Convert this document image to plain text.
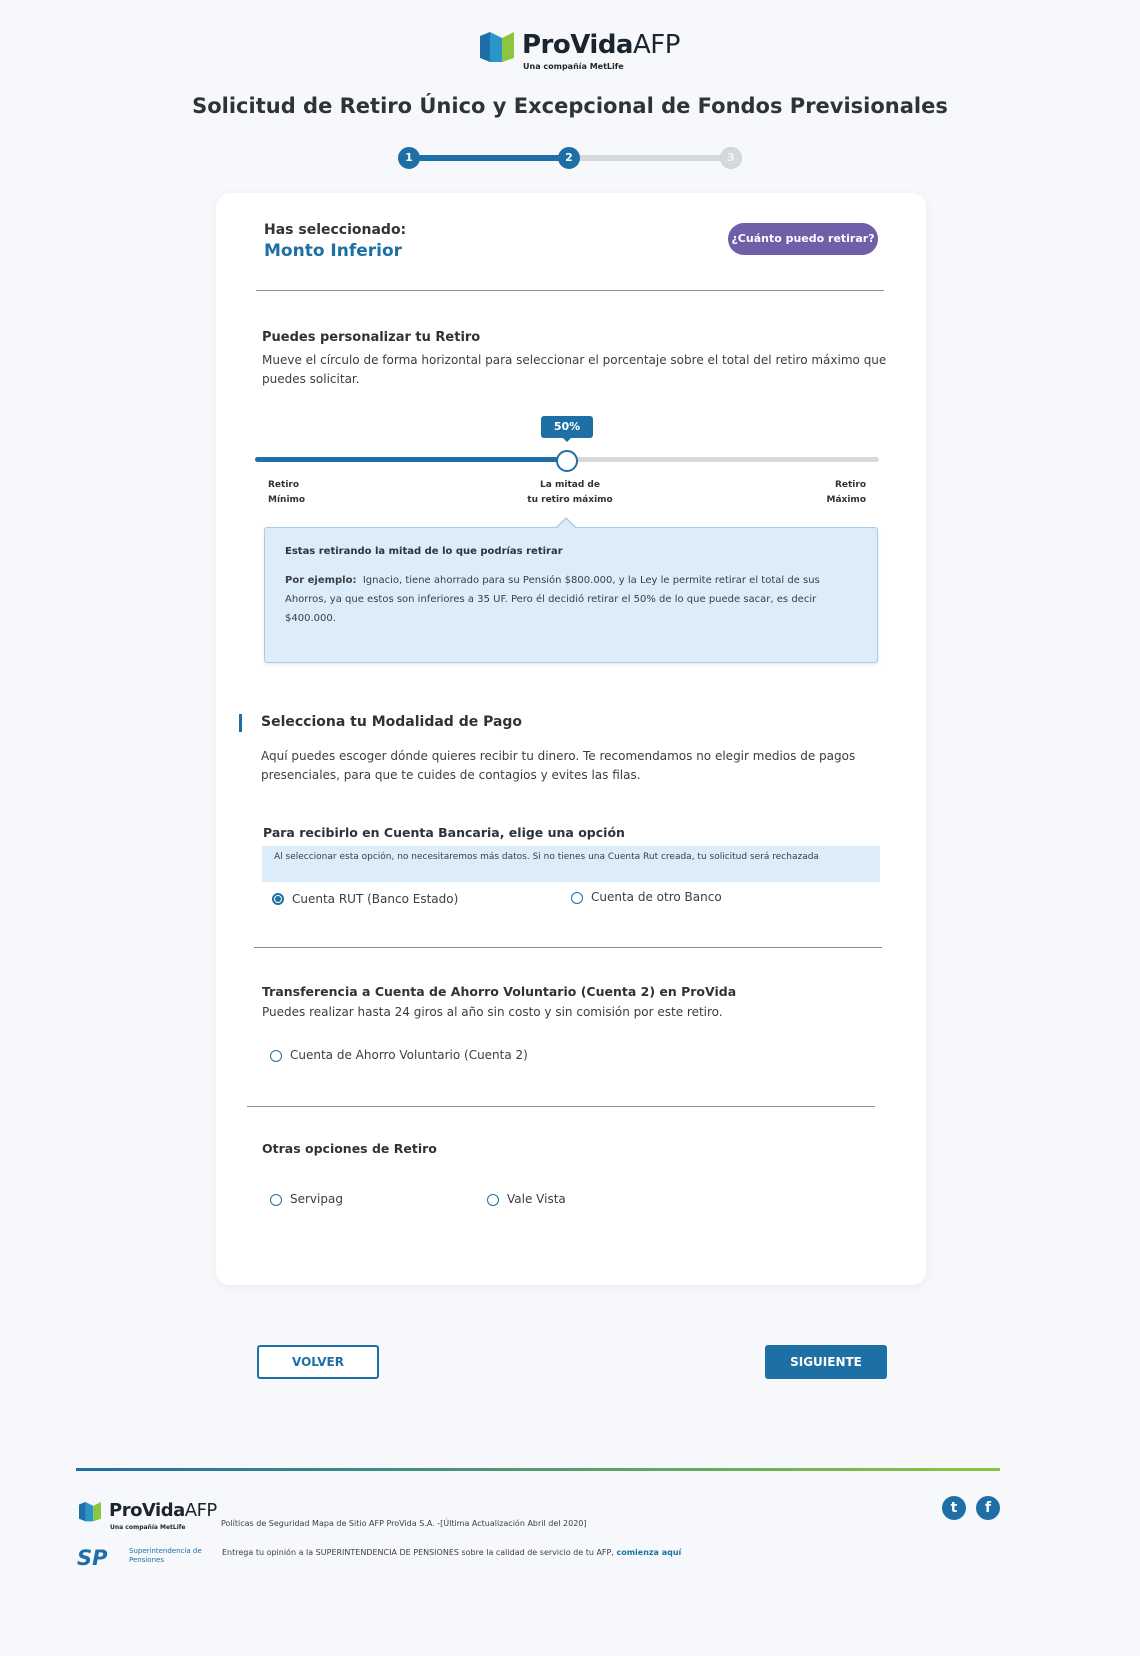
ProVidaAFP
Una compañía MetLife
Solicitud de Retiro Único y Excepcional de Fondos Previsionales
1	2	3
Has seleccionado:
Monto Inferior
¿Cuánto puedo retirar?
Puedes personalizar tu Retiro
Mueve el círculo de forma horizontal para seleccionar el porcentaje sobre el total del retiro máximo que puedes solicitar.
50%
Retiro
Mínimo
La mitad de
tu retiro máximo
Retiro
Máximo
Estas retirando la mitad de lo que podrías retirar
Por ejemplo: Ignacio, tiene ahorrado para su Pensión $800.000, y la Ley le permite retirar el total de sus Ahorros, ya que estos son inferiores a 35 UF. Pero él decidió retirar el 50% de lo que puede sacar, es decir $400.000.
Selecciona tu Modalidad de Pago
Aquí puedes escoger dónde quieres recibir tu dinero. Te recomendamos no elegir medios de pagos presenciales, para que te cuides de contagios y evites las filas.
Para recibirlo en Cuenta Bancaria, elige una opción
Al seleccionar esta opción, no necesitaremos más datos. Si no tienes una Cuenta Rut creada, tu solicitud será rechazada
Cuenta RUT (Banco Estado)	Cuenta de otro Banco
Transferencia a Cuenta de Ahorro Voluntario (Cuenta 2) en ProVida
Puedes realizar hasta 24 giros al año sin costo y sin comisión por este retiro.
Cuenta de Ahorro Voluntario (Cuenta 2)
Otras opciones de Retiro
Servipag	Vale Vista
VOLVER	SIGUIENTE
ProVidaAFP
Una compañía MetLife	Políticas de Seguridad Mapa de Sitio AFP ProVida S.A. -[Última Actualización Abril del 2020]
SP	Superintendencia de Pensiones
Entrega tu opinión a la SUPERINTENDENCIA DE PENSIONES sobre la calidad de servicio de tu AFP, comienza aquí
t	f
